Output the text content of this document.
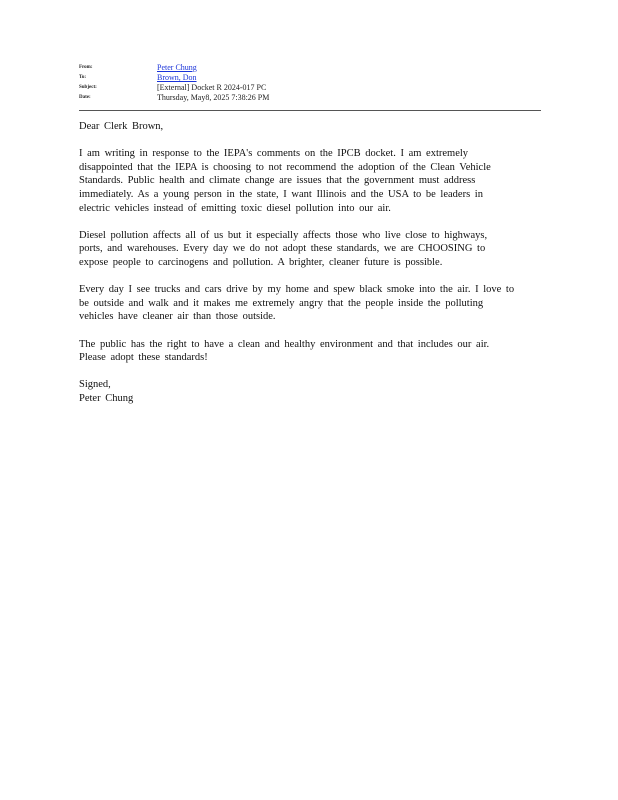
From:	Peter Chung
To:	Brown, Don
Subject:	[External] Docket R 2024-017 PC
Date:	Thursday, May8, 2025 7:38:26 PM

Dear Clerk Brown,

I am writing in response to the IEPA's comments on the IPCB docket. I am extremely
disappointed that the IEPA is choosing to not recommend the adoption of the Clean Vehicle
Standards. Public health and climate change are issues that the government must address
immediately. As a young person in the state, I want Illinois and the USA to be leaders in
electric vehicles instead of emitting toxic diesel pollution into our air.

Diesel pollution affects all of us but it especially affects those who live close to highways,
ports, and warehouses. Every day we do not adopt these standards, we are CHOOSING to
expose people to carcinogens and pollution. A brighter, cleaner future is possible.

Every day I see trucks and cars drive by my home and spew black smoke into the air. I love to
be outside and walk and it makes me extremely angry that the people inside the polluting
vehicles have cleaner air than those outside.

The public has the right to have a clean and healthy environment and that includes our air.
Please adopt these standards!

Signed,
Peter Chung
